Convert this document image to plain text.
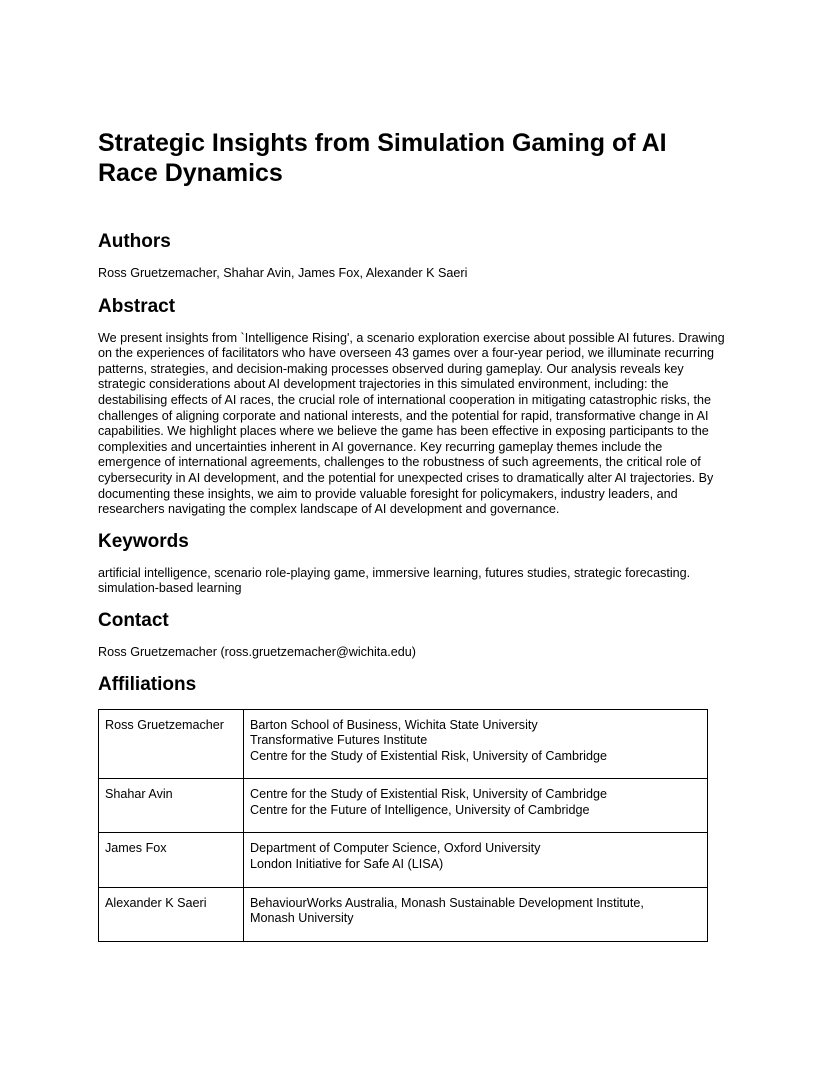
Strategic Insights from Simulation Gaming of AI Race Dynamics
Authors

Ross Gruetzemacher, Shahar Avin, James Fox, Alexander K Saeri

Abstract

We present insights from `Intelligence Rising', a scenario exploration exercise about possible AI futures. Drawing on the experiences of facilitators who have overseen 43 games over a four-year period, we illuminate recurring patterns, strategies, and decision-making processes observed during gameplay. Our analysis reveals key strategic considerations about AI development trajectories in this simulated environment, including: the destabilising effects of AI races, the crucial role of international cooperation in mitigating catastrophic risks, the challenges of aligning corporate and national interests, and the potential for rapid, transformative change in AI capabilities. We highlight places where we believe the game has been effective in exposing participants to the complexities and uncertainties inherent in AI governance. Key recurring gameplay themes include the emergence of international agreements, challenges to the robustness of such agreements, the critical role of cybersecurity in AI development, and the potential for unexpected crises to dramatically alter AI trajectories. By documenting these insights, we aim to provide valuable foresight for policymakers, industry leaders, and researchers navigating the complex landscape of AI development and governance.

Keywords

artificial intelligence, scenario role-playing game, immersive learning, futures studies, strategic forecasting. simulation-based learning

Contact

Ross Gruetzemacher (ross.gruetzemacher@wichita.edu)

Affiliations
Ross Gruetzemacher	Barton School of Business, Wichita State University
Transformative Futures Institute
Centre for the Study of Existential Risk, University of Cambridge

Shahar Avin	Centre for the Study of Existential Risk, University of Cambridge
Centre for the Future of Intelligence, University of Cambridge

James Fox	Department of Computer Science, Oxford University
London Initiative for Safe AI (LISA)

Alexander K Saeri	BehaviourWorks Australia, Monash Sustainable Development Institute,
Monash University
